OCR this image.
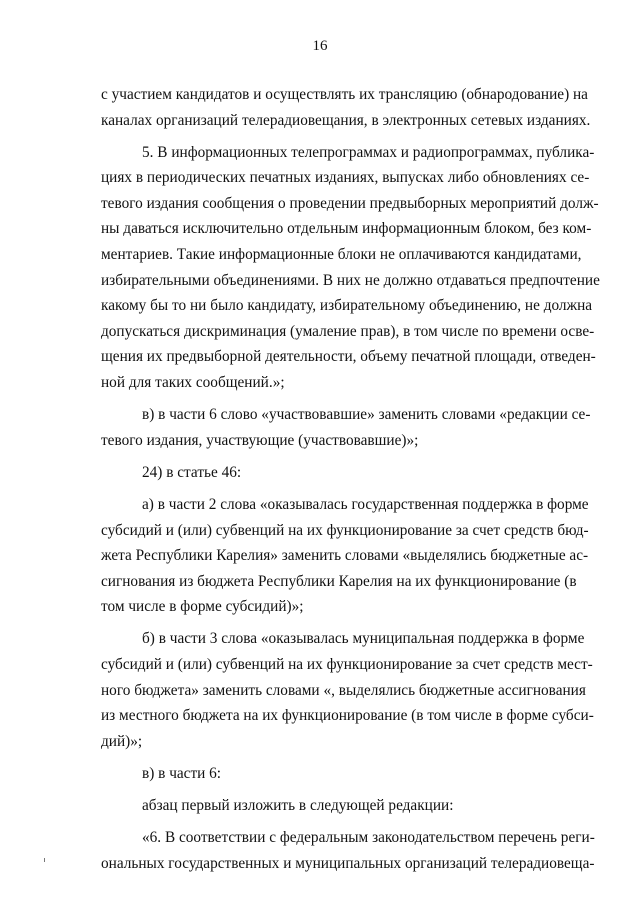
16

с участием кандидатов и осуществлять их трансляцию (обнародование) на

каналах организаций телерадиовещания, в электронных сетевых изданиях.

5. В информационных телепрограммах и радиопрограммах, публика-

циях в периодических печатных изданиях, выпусках либо обновлениях се-

тевого издания сообщения о проведении предвыборных мероприятий долж-

ны даваться исключительно отдельным информационным блоком, без ком-

ментариев. Такие информационные блоки не оплачиваются кандидатами,

избирательными объединениями. В них не должно отдаваться предпочтение

какому бы то ни было кандидату, избирательному объединению, не должна

допускаться дискриминация (умаление прав), в том числе по времени осве-

щения их предвыборной деятельности, объему печатной площади, отведен-

ной для таких сообщений.»;

в) в части 6 слово «участвовавшие» заменить словами «редакции се-

тевого издания, участвующие (участвовавшие)»;

24) в статье 46:

а) в части 2 слова «оказывалась государственная поддержка в форме

субсидий и (или) субвенций на их функционирование за счет средств бюд-

жета Республики Карелия» заменить словами «выделялись бюджетные ас-

сигнования из бюджета Республики Карелия на их функционирование (в

том числе в форме субсидий)»;

б) в части 3 слова «оказывалась муниципальная поддержка в форме

субсидий и (или) субвенций на их функционирование за счет средств мест-

ного бюджета» заменить словами «, выделялись бюджетные ассигнования

из местного бюджета на их функционирование (в том числе в форме субси-

дий)»;

в) в части 6:

абзац первый изложить в следующей редакции:

«6. В соответствии с федеральным законодательством перечень реги-

ональных государственных и муниципальных организаций телерадиовеща-
